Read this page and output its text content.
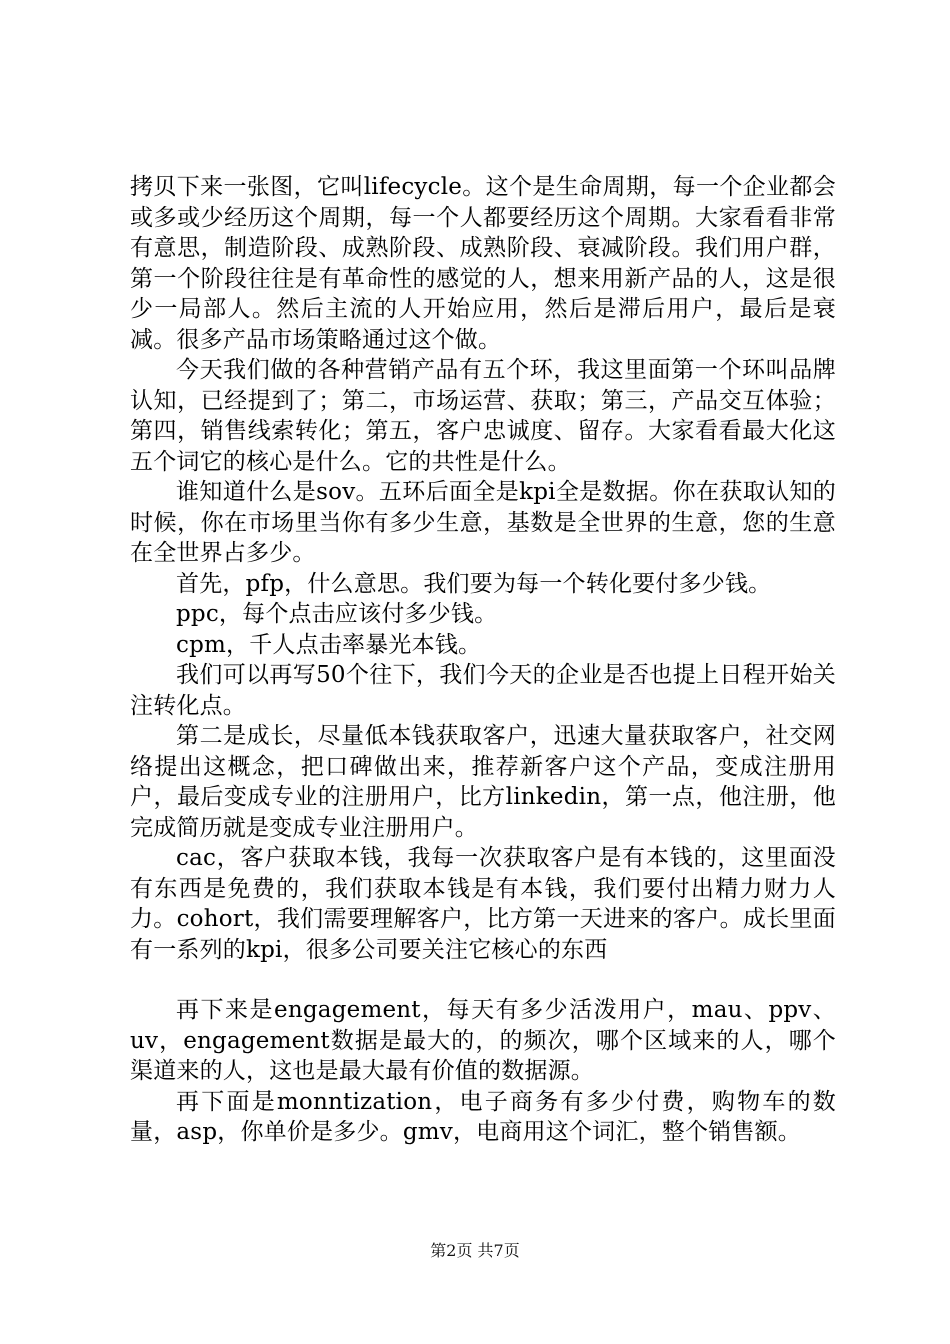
拷贝下来一张图，它叫lifecycle。这个是生命周期，每一个企业都会或多或少经历这个周期，每一个人都要经历这个周期。大家看看非常有意思，制造阶段、成熟阶段、成熟阶段、衰减阶段。我们用户群，第一个阶段往往是有革命性的感觉的人，想来用新产品的人，这是很少一局部人。然后主流的人开始应用，然后是滞后用户，最后是衰减。很多产品市场策略通过这个做。

今天我们做的各种营销产品有五个环，我这里面第一个环叫品牌认知，已经提到了；第二，市场运营、获取；第三，产品交互体验；第四，销售线索转化；第五，客户忠诚度、留存。大家看看最大化这五个词它的核心是什么。它的共性是什么。

谁知道什么是sov。五环后面全是kpi全是数据。你在获取认知的时候，你在市场里当你有多少生意，基数是全世界的生意，您的生意在全世界占多少。

首先，pfp，什么意思。我们要为每一个转化要付多少钱。

ppc，每个点击应该付多少钱。

cpm，千人点击率暴光本钱。

我们可以再写50个往下，我们今天的企业是否也提上日程开始关注转化点。

第二是成长，尽量低本钱获取客户，迅速大量获取客户，社交网络提出这概念，把口碑做出来，推荐新客户这个产品，变成注册用户，最后变成专业的注册用户，比方linkedin，第一点，他注册，他完成简历就是变成专业注册用户。

cac，客户获取本钱，我每一次获取客户是有本钱的，这里面没有东西是免费的，我们获取本钱是有本钱，我们要付出精力财力人力。cohort，我们需要理解客户，比方第一天进来的客户。成长里面有一系列的kpi，很多公司要关注它核心的东西

再下来是engagement，每天有多少活泼用户，mau、ppv、uv，engagement数据是最大的，的频次，哪个区域来的人，哪个渠道来的人，这也是最大最有价值的数据源。

再下面是monntization，电子商务有多少付费，购物车的数量，asp，你单价是多少。gmv，电商用这个词汇，整个销售额。

第2页 共7页
